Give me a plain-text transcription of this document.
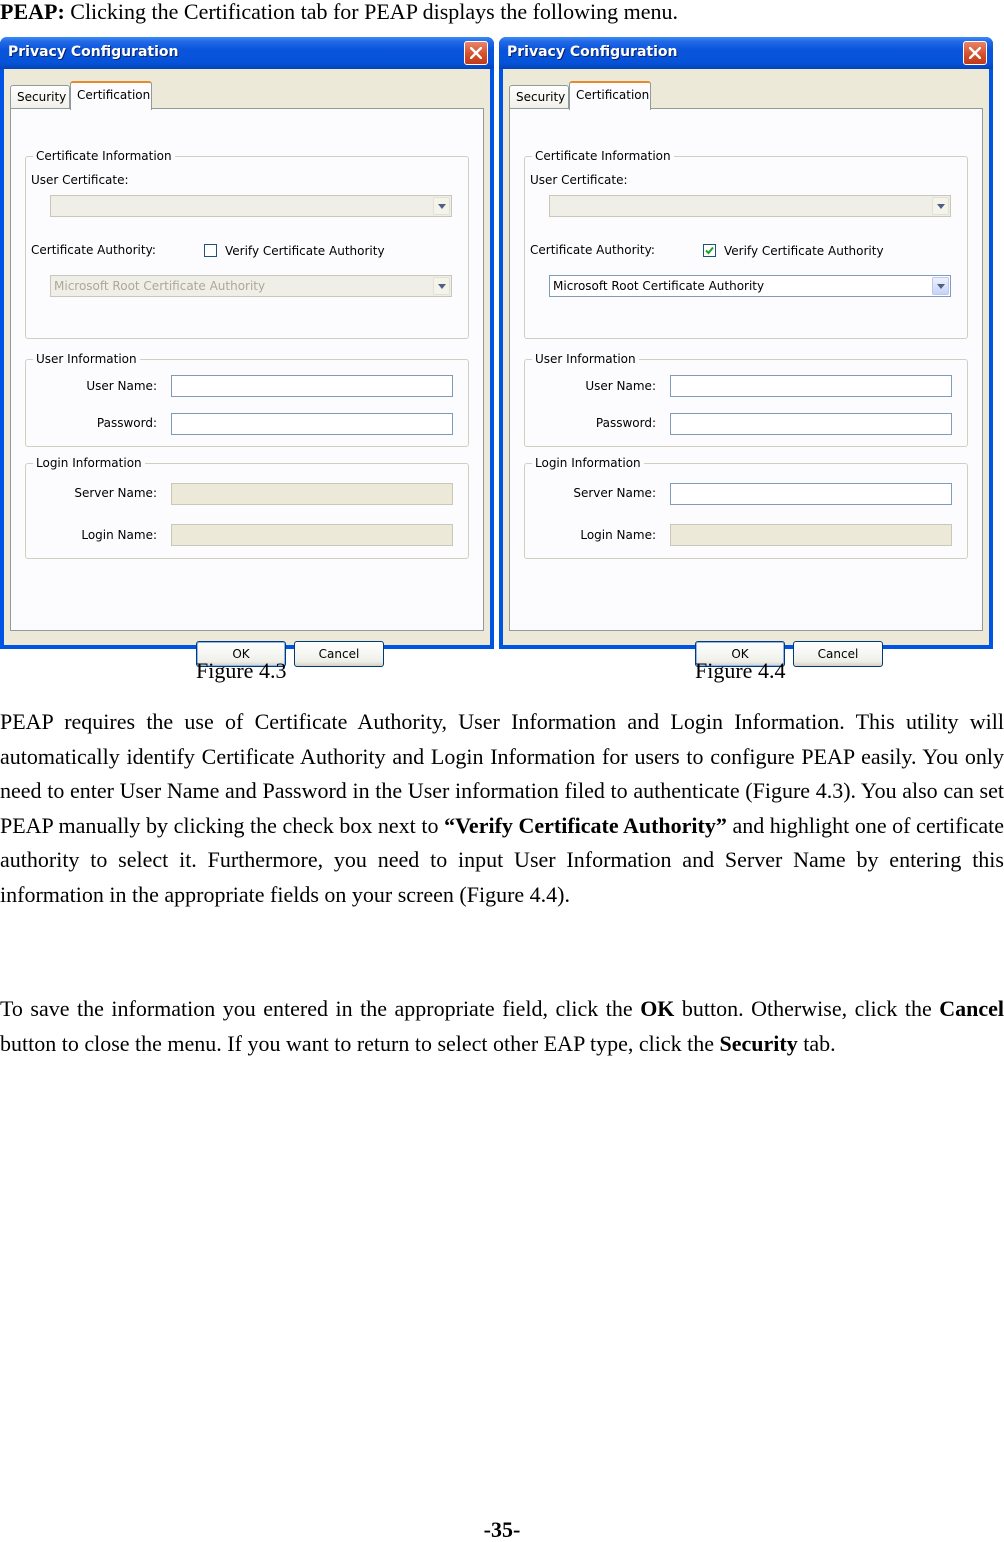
PEAP: Clicking the Certification tab for PEAP displays the following menu.
Privacy Configuration
Security Certification
Certificate Information
User Certificate:
Certificate Authority:	Verify Certificate Authority
Microsoft Root Certificate Authority
User Information
User Name:
Password:
Login Information
Server Name:
Login Name:
OK	Cancel
Privacy Configuration
Security Certification
Certificate Information
User Certificate:
Certificate Authority:	Verify Certificate Authority
Microsoft Root Certificate Authority
User Information
User Name:
Password:
Login Information
Server Name:
Login Name:
OK	Cancel
Figure 4.3	Figure 4.4

PEAP requires the use of Certificate Authority, User Information and Login Information. This utility will automatically identify Certificate Authority and Login Information for users to configure PEAP easily. You only need to enter User Name and Password in the User information filed to authenticate (Figure 4.3). You also can set PEAP manually by clicking the check box next to “Verify Certificate Authority” and highlight one of certificate authority to select it. Furthermore, you need to input User Information and Server Name by entering this information in the appropriate fields on your screen (Figure 4.4).

To save the information you entered in the appropriate field, click the OK button. Otherwise, click the Cancel button to close the menu. If you want to return to select other EAP type, click the Security tab.

-35-
